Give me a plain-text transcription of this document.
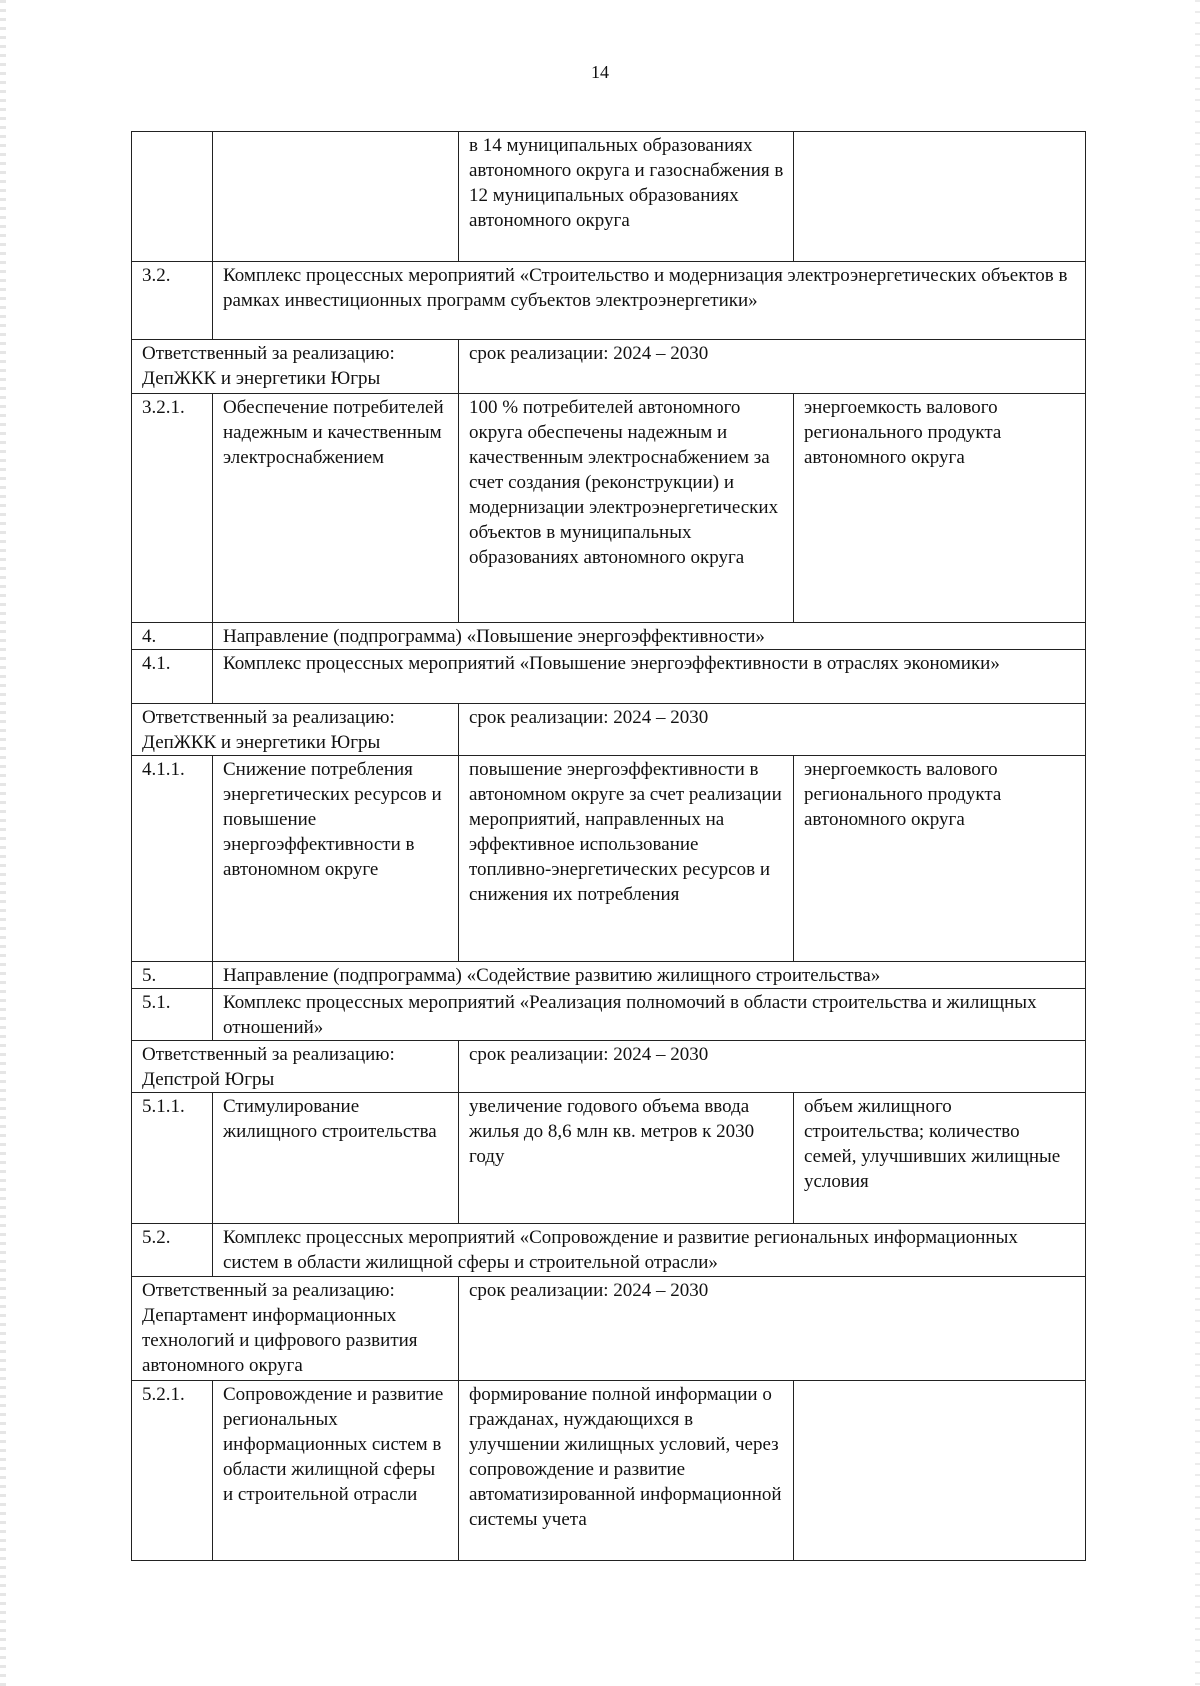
14
		в 14 муниципальных образованиях автономного округа и газоснабжения в 12 муниципальных образованиях автономного округа	
3.2.	Комплекс процессных мероприятий «Строительство и модернизация электроэнергетических объектов в рамках инвестиционных программ субъектов электроэнергетики»		
Ответственный за реализацию: ДепЖКК и энергетики Югры		срок реализации: 2024 – 2030	
3.2.1.	Обеспечение потребителей надежным и качественным электроснабжением	100 % потребителей автономного округа обеспечены надежным и качественным электроснабжением за счет создания (реконструкции) и модернизации электроэнергетических объектов в муниципальных образованиях автономного округа	энергоемкость валового регионального продукта автономного округа
4.	Направление (подпрограмма) «Повышение энергоэффективности»		
4.1.	Комплекс процессных мероприятий «Повышение энергоэффективности в отраслях экономики»		
Ответственный за реализацию: ДепЖКК и энергетики Югры		срок реализации: 2024 – 2030	
4.1.1.	Снижение потребления энергетических ресурсов и повышение энергоэффективности в автономном округе	повышение энергоэффективности в автономном округе за счет реализации мероприятий, направленных на эффективное использование топливно-энергетических ресурсов и снижения их потребления	энергоемкость валового регионального продукта автономного округа
5.	Направление (подпрограмма) «Содействие развитию жилищного строительства»		
5.1.	Комплекс процессных мероприятий «Реализация полномочий в области строительства и жилищных отношений»		
Ответственный за реализацию: Депстрой Югры		срок реализации: 2024 – 2030	
5.1.1.	Стимулирование жилищного строительства	увеличение годового объема ввода жилья до 8,6 млн кв. метров к 2030 году	объем жилищного строительства; количество семей, улучшивших жилищные условия
5.2.	Комплекс процессных мероприятий «Сопровождение и развитие региональных информационных систем в области жилищной сферы и строительной отрасли»		
Ответственный за реализацию: Департамент информационных технологий и цифрового развития автономного округа		срок реализации: 2024 – 2030	
5.2.1.	Сопровождение и развитие региональных информационных систем в области жилищной сферы и строительной отрасли	формирование полной информации о гражданах, нуждающихся в улучшении жилищных условий, через сопровождение и развитие автоматизированной информационной системы учета	
